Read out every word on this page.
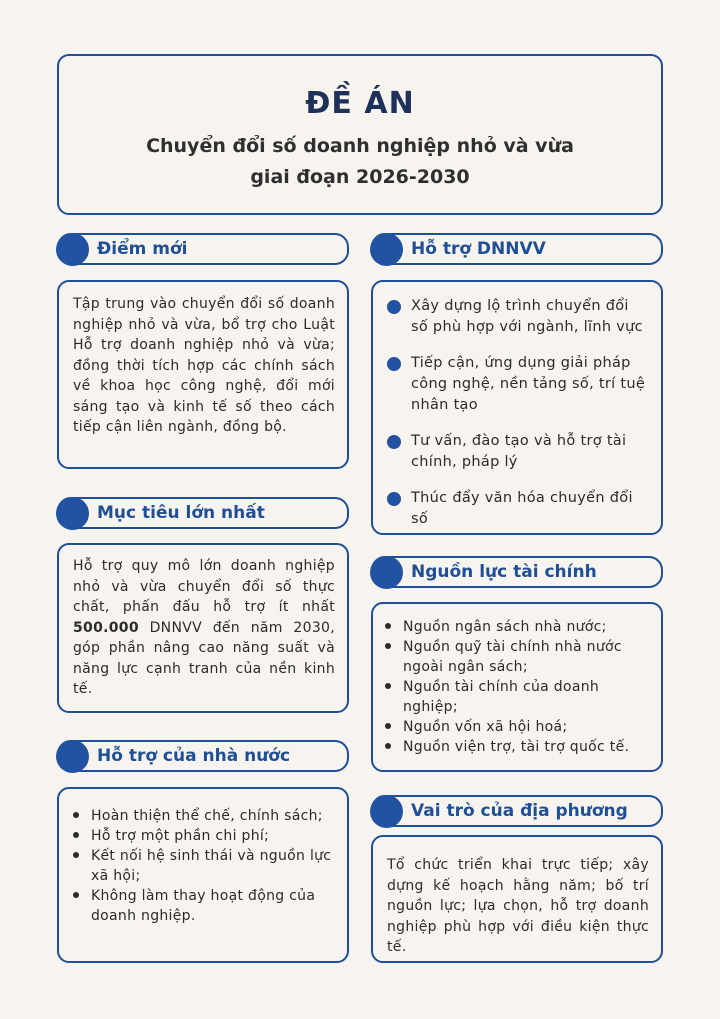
ĐỀ ÁN
Chuyển đổi số doanh nghiệp nhỏ và vừa
giai đoạn 2026-2030
Điểm mới
Tập trung vào chuyển đổi số doanh nghiệp nhỏ và vừa, bổ trợ cho Luật Hỗ trợ doanh nghiệp nhỏ và vừa; đồng thời tích hợp các chính sách về khoa học công nghệ, đổi mới sáng tạo và kinh tế số theo cách tiếp cận liên ngành, đồng bộ.
Mục tiêu lớn nhất
Hỗ trợ quy mô lớn doanh nghiệp nhỏ và vừa chuyển đổi số thực chất, phấn đấu hỗ trợ ít nhất 500.000 DNNVV đến năm 2030, góp phần nâng cao năng suất và năng lực cạnh tranh của nền kinh tế.
Hỗ trợ của nhà nước
Hoàn thiện thể chế, chính sách;
Hỗ trợ một phần chi phí;
Kết nối hệ sinh thái và nguồn lực xã hội;
Không làm thay hoạt động của doanh nghiệp.
Hỗ trợ DNNVV
Xây dựng lộ trình chuyển đổi số phù hợp với ngành, lĩnh vực
Tiếp cận, ứng dụng giải pháp công nghệ, nền tảng số, trí tuệ nhân tạo
Tư vấn, đào tạo và hỗ trợ tài chính, pháp lý
Thúc đẩy văn hóa chuyển đổi số
Nguồn lực tài chính
Nguồn ngân sách nhà nước;
Nguồn quỹ tài chính nhà nước ngoài ngân sách;
Nguồn tài chính của doanh nghiệp;
Nguồn vốn xã hội hoá;
Nguồn viện trợ, tài trợ quốc tế.
Vai trò của địa phương
Tổ chức triển khai trực tiếp; xây dựng kế hoạch hằng năm; bố trí nguồn lực; lựa chọn, hỗ trợ doanh nghiệp phù hợp với điều kiện thực tế.
